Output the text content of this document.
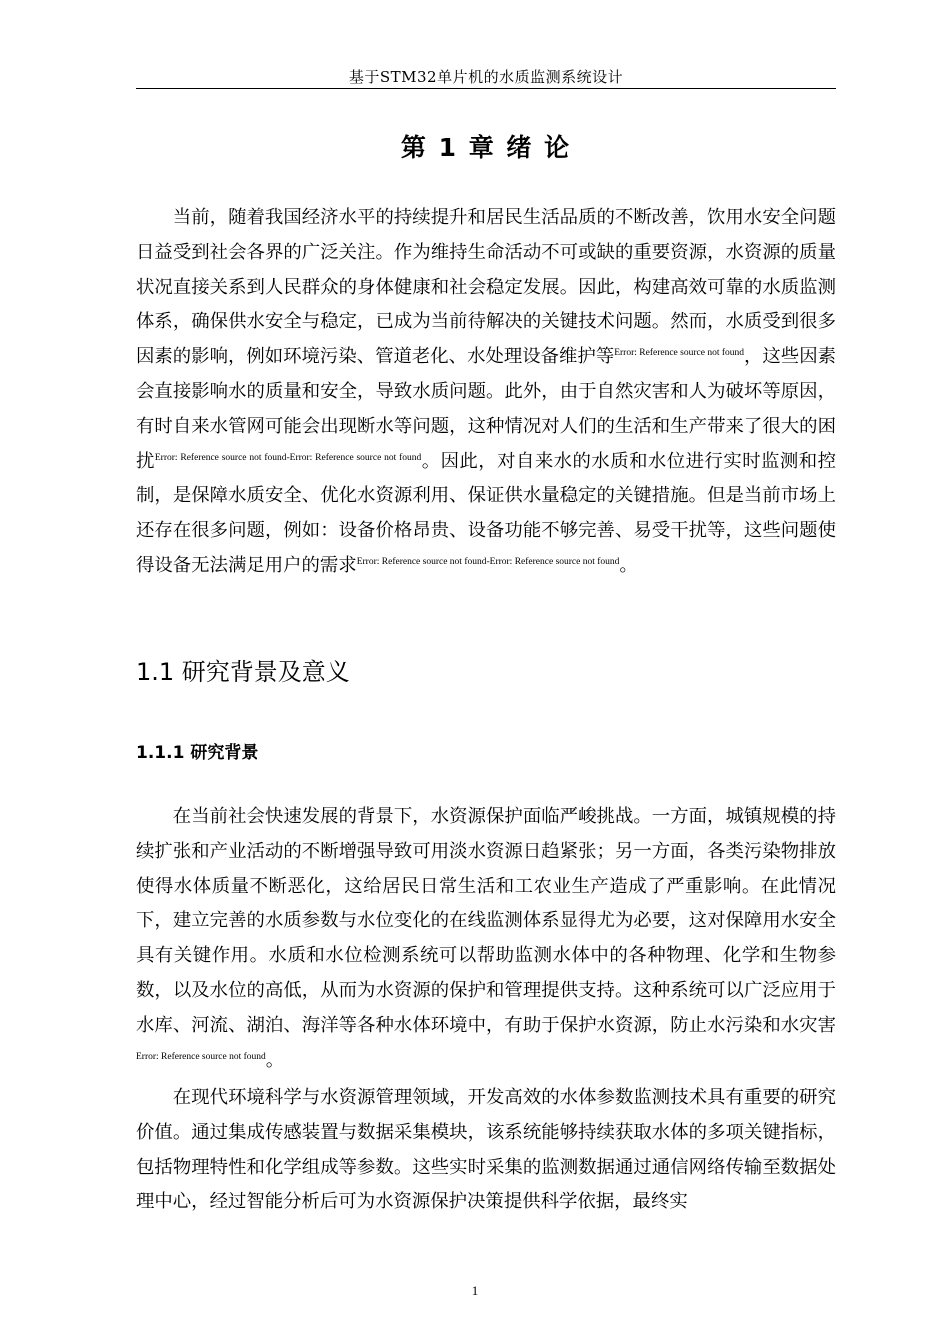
基于STM32单片机的水质监测系统设计
第 1 章 绪 论

当前，随着我国经济水平的持续提升和居民生活品质的不断改善，饮用水安全问题日益受到社会各界的广泛关注。作为维持生命活动不可或缺的重要资源，水资源的质量状况直接关系到人民群众的身体健康和社会稳定发展。因此，构建高效可靠的水质监测体系，确保供水安全与稳定，已成为当前待解决的关键技术问题。然而，水质受到很多因素的影响，例如环境污染、管道老化、水处理设备维护等$^{Error: Reference source not found}$，这些因素会直接影响水的质量和安全，导致水质问题。此外，由于自然灾害和人为破坏等原因，有时自来水管网可能会出现断水等问题，这种情况对人们的生活和生产带来了很大的困扰$^{Error: Reference source not found-Error: Reference source not found}$。因此，对自来水的水质和水位进行实时监测和控制，是保障水质安全、优化水资源利用、保证供水量稳定的关键措施。但是当前市场上还存在很多问题，例如：设备价格昂贵、设备功能不够完善、易受干扰等，这些问题使得设备无法满足用户的需求$^{Error: Reference source not found-Error: Reference source not found}$。

1.1 研究背景及意义
1.1.1 研究背景

在当前社会快速发展的背景下，水资源保护面临严峻挑战。一方面，城镇规模的持续扩张和产业活动的不断增强导致可用淡水资源日趋紧张；另一方面，各类污染物排放使得水体质量不断恶化，这给居民日常生活和工农业生产造成了严重影响。在此情况下，建立完善的水质参数与水位变化的在线监测体系显得尤为必要，这对保障用水安全具有关键作用。水质和水位检测系统可以帮助监测水体中的各种物理、化学和生物参数，以及水位的高低，从而为水资源的保护和管理提供支持。这种系统可以广泛应用于水库、河流、湖泊、海洋等各种水体环境中，有助于保护水资源，防止水污染和水灾害$^{Error: Reference source not found}$。

在现代环境科学与水资源管理领域，开发高效的水体参数监测技术具有重要的研究价值。通过集成传感装置与数据采集模块，该系统能够持续获取水体的多项关键指标，包括物理特性和化学组成等参数。这些实时采集的监测数据通过通信网络传输至数据处理中心，经过智能分析后可为水资源保护决策提供科学依据，最终实

1
